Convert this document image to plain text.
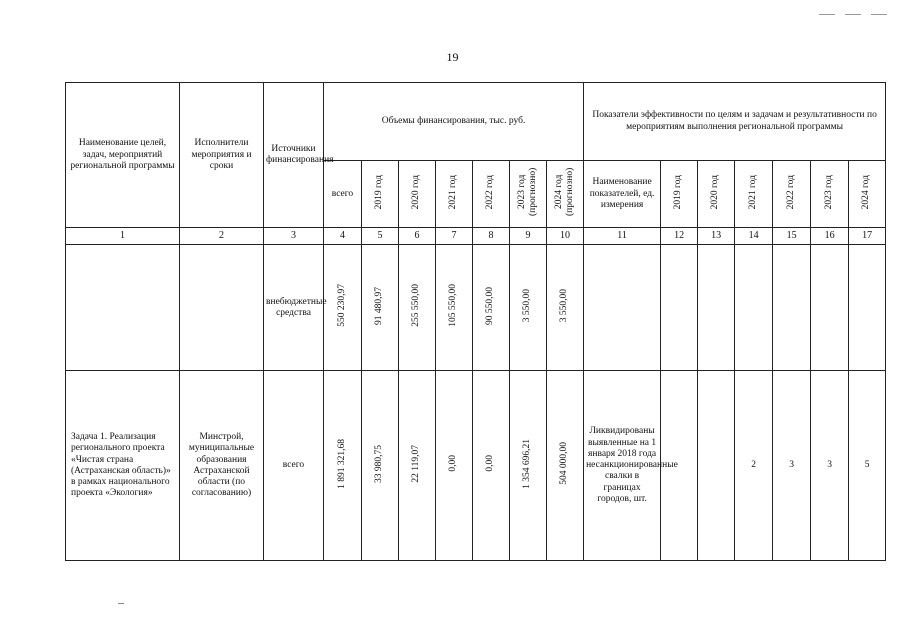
19
Наименование целей, задач, мероприятий региональной программы	Исполнители мероприятия и сроки	Источники финансирования	Объемы финансирования, тыс. руб.							Показатели эффективности по целям и задачам и результативности по мероприятиям выполнения региональной программы						
			всего	2019 год	2020 год	2021 год	2022 год	2023 год (прогнозно)	2024 год (прогнозно)	Наименование показателей, ед. измерения	2019 год	2020 год	2021 год	2022 год	2023 год	2024 год
1	2	3	4	5	6	7	8	9	10	11	12	13	14	15	16	17
		внебюджетные средства	550 230,97	91 480,97	255 550,00	105 550,00	90 550,00	3 550,00	3 550,00							
Задача 1. Реализация регионального проекта «Чистая страна (Астраханская область)» в рамках национального проекта «Экология»	Минстрой, муниципальные образования Астраханской области (по согласованию)	всего	1 891 321,68	33 980,75	22 119,07	0,00	0,00	1 354 696,21	504 000,00	Ликвидированы выявленные на 1 января 2018 года несанкционированные свалки в границах городов, шт.			2	3	3	5
